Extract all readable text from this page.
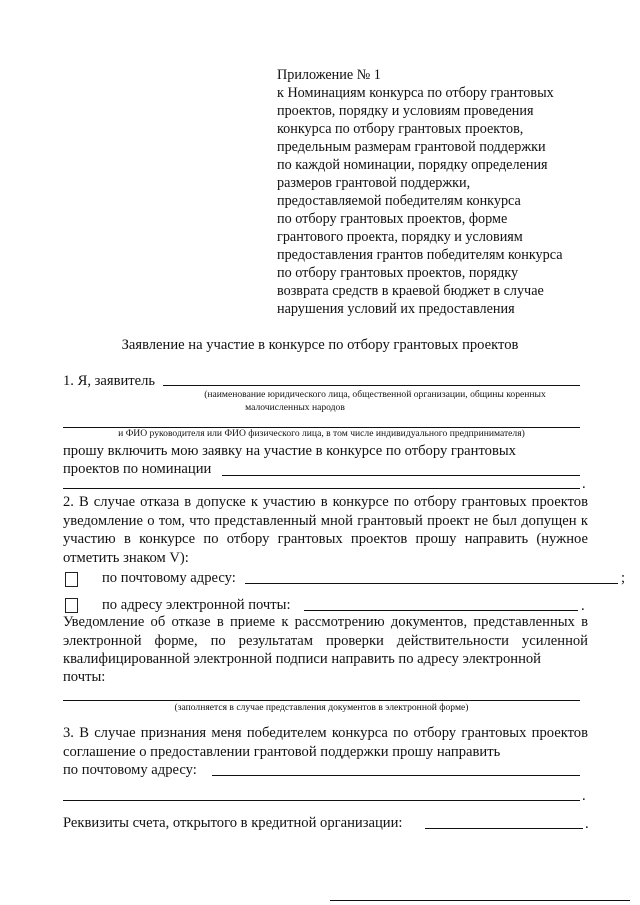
Приложение № 1
к Номинациям конкурса по отбору грантовых
проектов, порядку и условиям проведения
конкурса по отбору грантовых проектов,
предельным размерам грантовой поддержки
по каждой номинации, порядку определения
размеров грантовой поддержки,
предоставляемой победителям конкурса
по отбору грантовых проектов, форме
грантового проекта, порядку и условиям
предоставления грантов победителям конкурса
по отбору грантовых проектов, порядку
возврата средств в краевой бюджет в случае
нарушения условий их предоставления
Заявление на участие в конкурсе по отбору грантовых проектов
1. Я, заявитель
(наименование юридического лица, общественной организации, общины коренных
малочисленных народов
и ФИО руководителя или ФИО физического лица, в том числе индивидуального предпринимателя)
прошу включить мою заявку на участие в конкурсе по отбору грантовых
проектов по номинации
.
2. В случае отказа в допуске к участию в конкурсе по отбору грантовых проектов уведомление о том, что представленный мной грантовый проект не был допущен к участию в конкурсе по отбору грантовых проектов прошу направить (нужное отметить знаком V):
по почтовому адресу:	;
по адресу электронной почты:	.
Уведомление об отказе в приеме к рассмотрению документов, представленных в электронной форме, по результатам проверки действительности усиленной квалифицированной электронной подписи направить по адресу электронной
почты:
(заполняется в случае представления документов в электронной форме)
3. В случае признания меня победителем конкурса по отбору грантовых проектов соглашение о предоставлении грантовой поддержки прошу направить
по почтовому адресу:
.
Реквизиты счета, открытого в кредитной организации:	.
